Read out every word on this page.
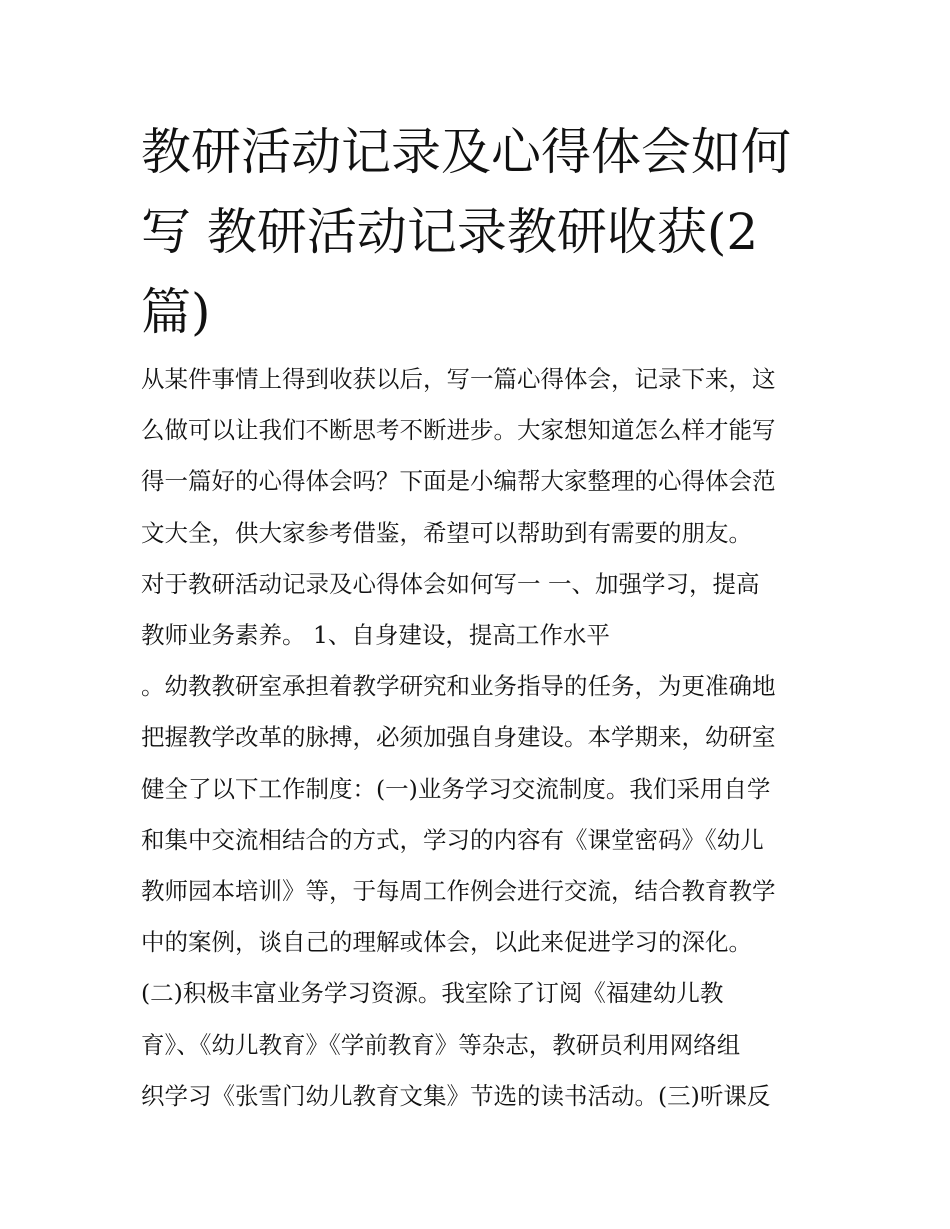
教研活动记录及心得体会如何
写 教研活动记录教研收获(2
篇)
从某件事情上得到收获以后，写一篇心得体会，记录下来，这
么做可以让我们不断思考不断进步。大家想知道怎么样才能写
得一篇好的心得体会吗？下面是小编帮大家整理的心得体会范
文大全，供大家参考借鉴，希望可以帮助到有需要的朋友。
对于教研活动记录及心得体会如何写一 一、加强学习，提高
教师业务素养。 1、自身建设，提高工作水平
。幼教教研室承担着教学研究和业务指导的任务，为更准确地
把握教学改革的脉搏，必须加强自身建设。本学期来，幼研室
健全了以下工作制度：(一)业务学习交流制度。我们采用自学
和集中交流相结合的方式，学习的内容有《课堂密码》《幼儿
教师园本培训》等，于每周工作例会进行交流，结合教育教学
中的案例，谈自己的理解或体会，以此来促进学习的深化。
(二)积极丰富业务学习资源。我室除了订阅《福建幼儿教
育》、《幼儿教育》《学前教育》等杂志，教研员利用网络组
织学习《张雪门幼儿教育文集》节选的读书活动。(三)听课反
